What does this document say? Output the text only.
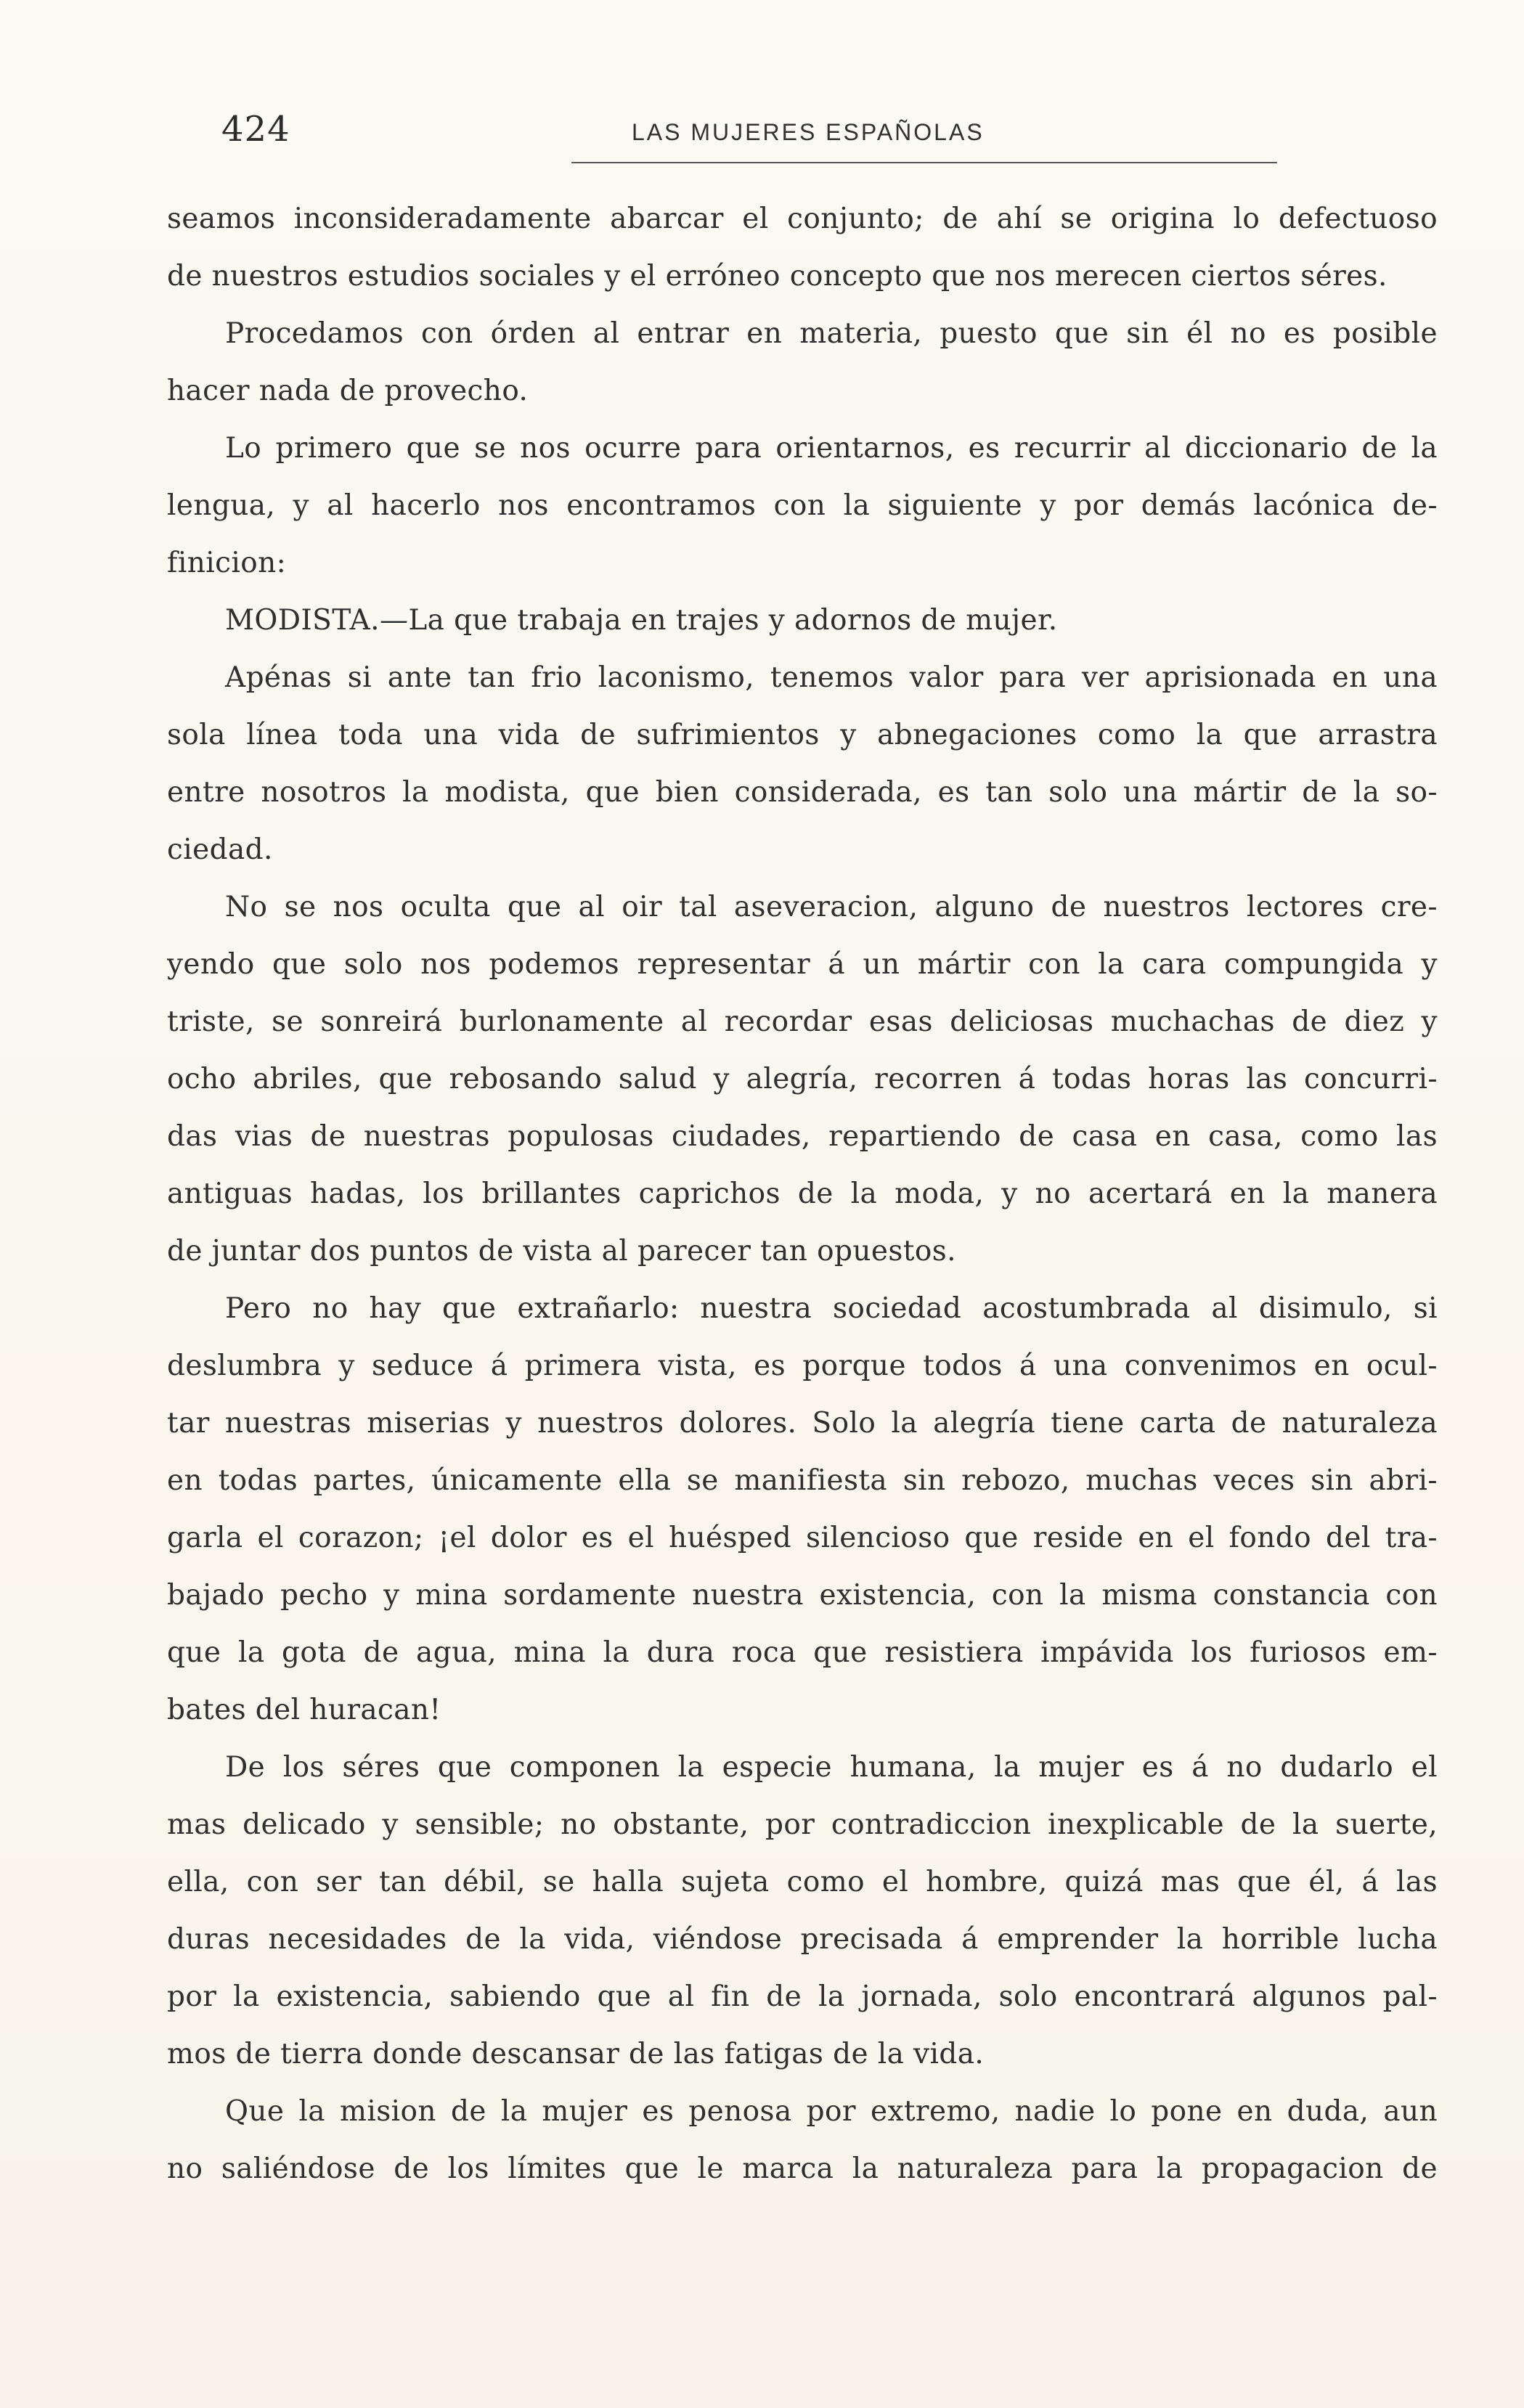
424	LAS MUJERES ESPAÑOLAS
seamos inconsideradamente abarcar el conjunto; de ahí se origina lo defectuoso
de nuestros estudios sociales y el erróneo concepto que nos merecen ciertos séres.
Procedamos con órden al entrar en materia, puesto que sin él no es posible
hacer nada de provecho.
Lo primero que se nos ocurre para orientarnos, es recurrir al diccionario de la
lengua, y al hacerlo nos encontramos con la siguiente y por demás lacónica de-
finicion:
MODISTA.—La que trabaja en trajes y adornos de mujer.
Apénas si ante tan frio laconismo, tenemos valor para ver aprisionada en una
sola línea toda una vida de sufrimientos y abnegaciones como la que arrastra
entre nosotros la modista, que bien considerada, es tan solo una mártir de la so-
ciedad.
No se nos oculta que al oir tal aseveracion, alguno de nuestros lectores cre-
yendo que solo nos podemos representar á un mártir con la cara compungida y
triste, se sonreirá burlonamente al recordar esas deliciosas muchachas de diez y
ocho abriles, que rebosando salud y alegría, recorren á todas horas las concurri-
das vias de nuestras populosas ciudades, repartiendo de casa en casa, como las
antiguas hadas, los brillantes caprichos de la moda, y no acertará en la manera
de juntar dos puntos de vista al parecer tan opuestos.
Pero no hay que extrañarlo: nuestra sociedad acostumbrada al disimulo, si
deslumbra y seduce á primera vista, es porque todos á una convenimos en ocul-
tar nuestras miserias y nuestros dolores. Solo la alegría tiene carta de naturaleza
en todas partes, únicamente ella se manifiesta sin rebozo, muchas veces sin abri-
garla el corazon; ¡el dolor es el huésped silencioso que reside en el fondo del tra-
bajado pecho y mina sordamente nuestra existencia, con la misma constancia con
que la gota de agua, mina la dura roca que resistiera impávida los furiosos em-
bates del huracan!
De los séres que componen la especie humana, la mujer es á no dudarlo el
mas delicado y sensible; no obstante, por contradiccion inexplicable de la suerte,
ella, con ser tan débil, se halla sujeta como el hombre, quizá mas que él, á las
duras necesidades de la vida, viéndose precisada á emprender la horrible lucha
por la existencia, sabiendo que al fin de la jornada, solo encontrará algunos pal-
mos de tierra donde descansar de las fatigas de la vida.
Que la mision de la mujer es penosa por extremo, nadie lo pone en duda, aun
no saliéndose de los límites que le marca la naturaleza para la propagacion de
